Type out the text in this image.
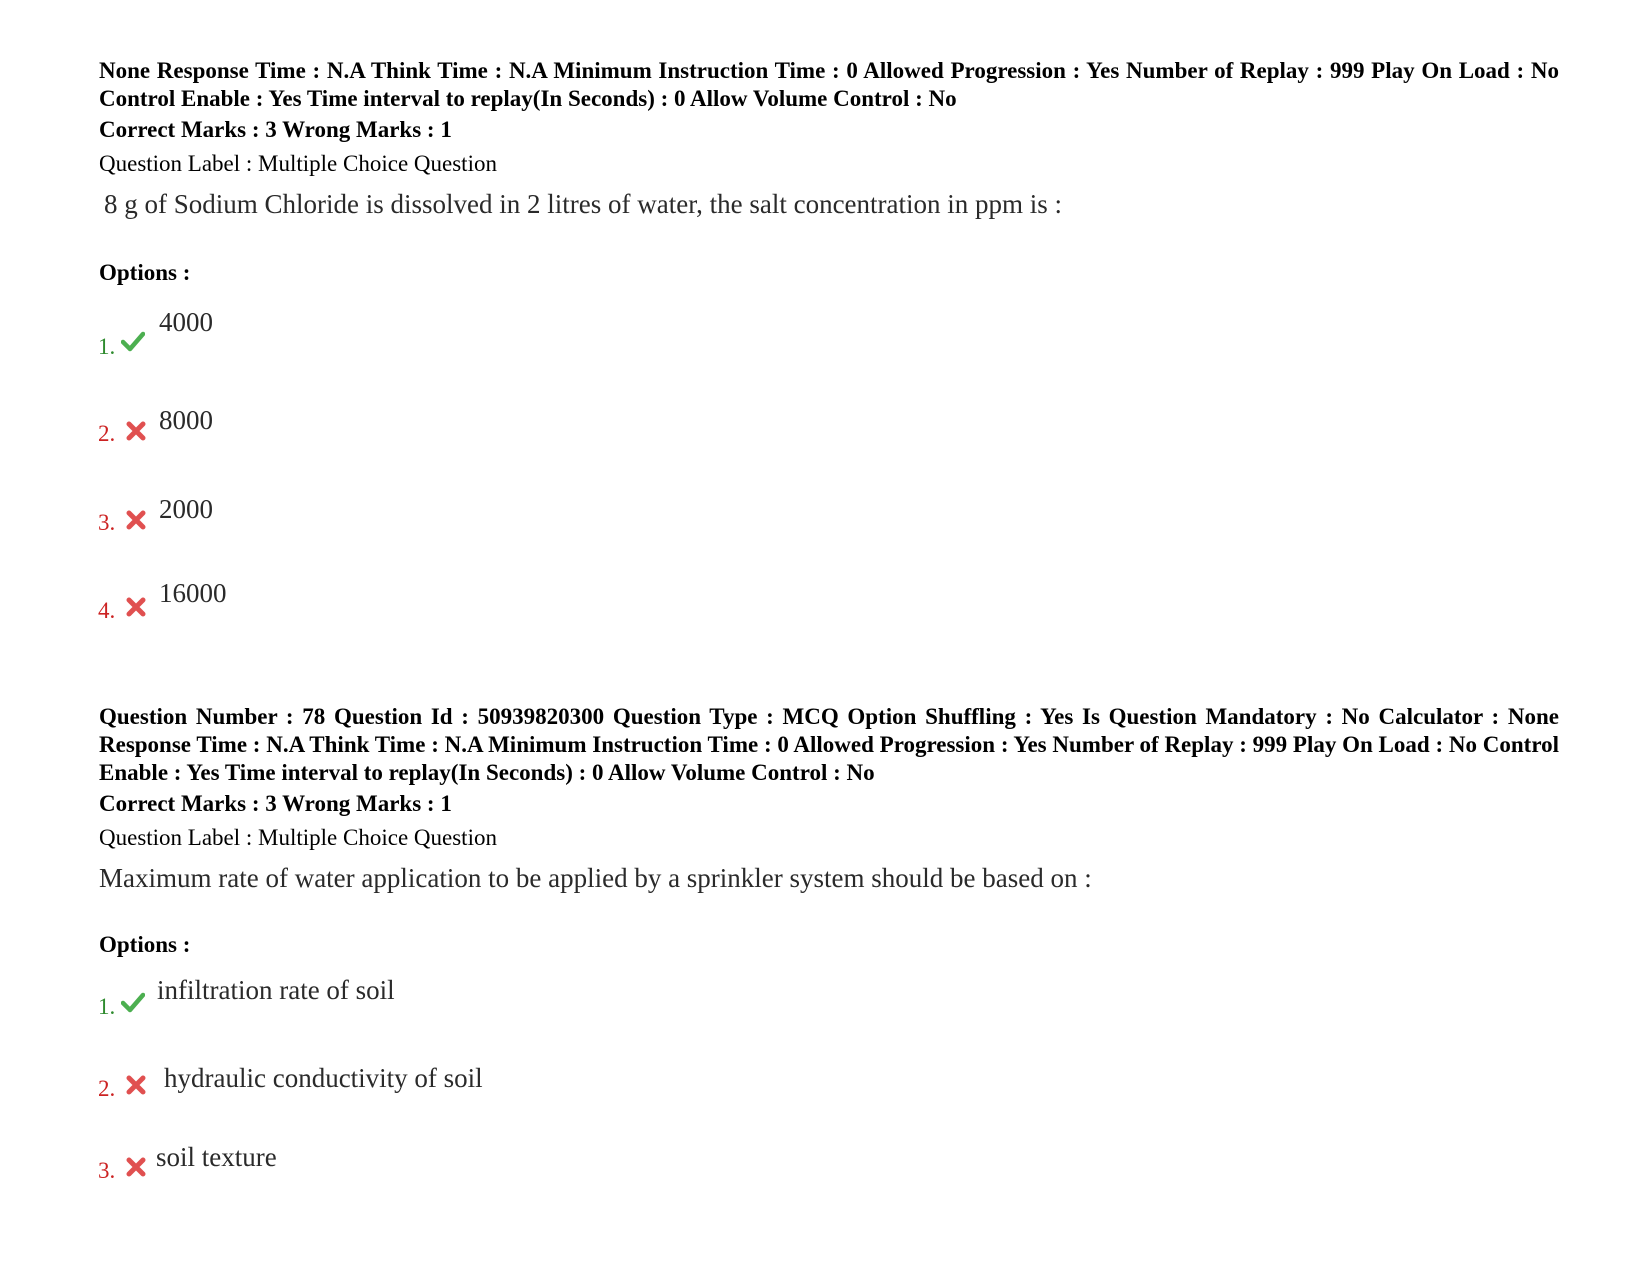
None Response Time : N.A Think Time : N.A Minimum Instruction Time : 0 Allowed Progression : Yes Number of Replay : 999 Play On Load : No Control Enable : Yes Time interval to replay(In Seconds) : 0 Allow Volume Control : No
Correct Marks : 3 Wrong Marks : 1
Question Label : Multiple Choice Question
8 g of Sodium Chloride is dissolved in 2 litres of water, the salt concentration in ppm is :
Options :
1.
4000
2. 8000
3. 2000
4.
16000
Question Number : 78 Question Id : 50939820300 Question Type : MCQ Option Shuffling : Yes Is Question Mandatory : No Calculator : None Response Time : N.A Think Time : N.A Minimum Instruction Time : 0 Allowed Progression : Yes Number of Replay : 999 Play On Load : No Control Enable : Yes Time interval to replay(In Seconds) : 0 Allow Volume Control : No
Correct Marks : 3 Wrong Marks : 1
Question Label : Multiple Choice Question
Maximum rate of water application to be applied by a sprinkler system should be based on :
Options :
1.
infiltration rate of soil
2. hydraulic conductivity of soil
3. soil texture
